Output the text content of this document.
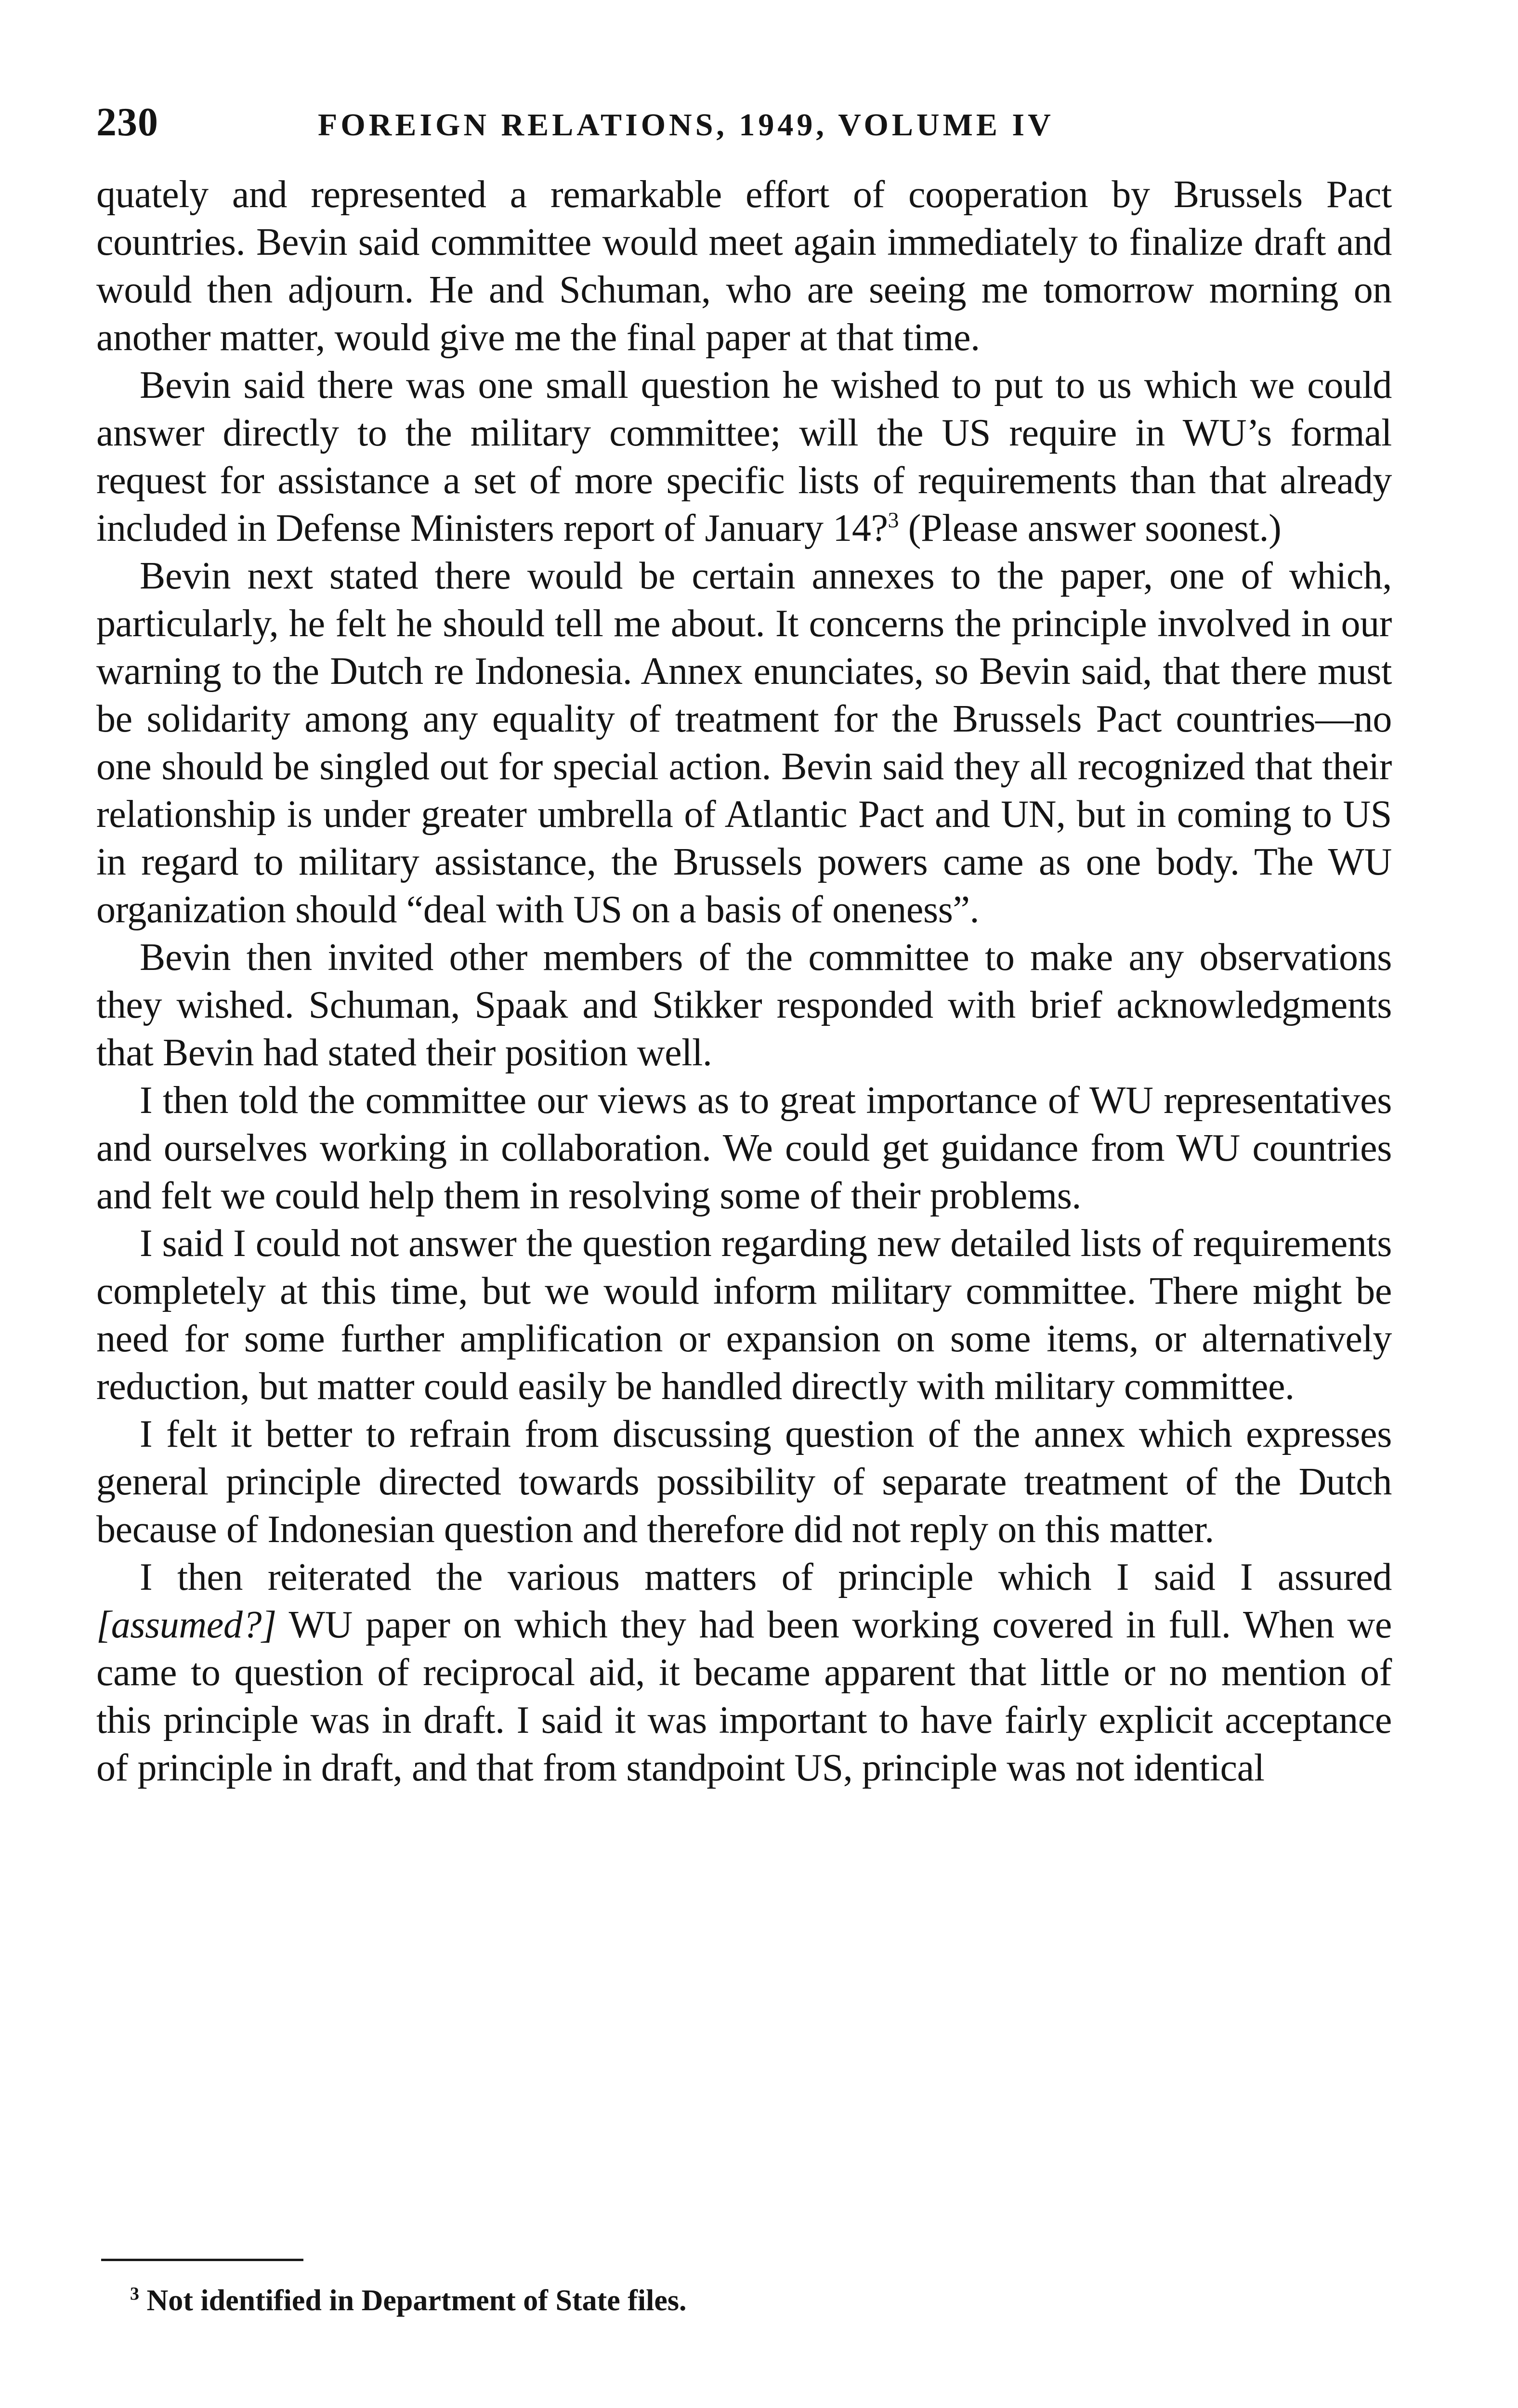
230	FOREIGN RELATIONS, 1949, VOLUME IV

quately and represented a remarkable effort of cooperation by Brussels Pact countries. Bevin said committee would meet again immediately to finalize draft and would then adjourn. He and Schuman, who are seeing me tomorrow morning on another matter, would give me the final paper at that time.

Bevin said there was one small question he wished to put to us which we could answer directly to the military committee; will the US require in WU’s formal request for assistance a set of more specific lists of requirements than that already included in Defense Ministers report of January 14?$^3$ (Please answer soonest.)

Bevin next stated there would be certain annexes to the paper, one of which, particularly, he felt he should tell me about. It concerns the principle involved in our warning to the Dutch re Indonesia. Annex enunciates, so Bevin said, that there must be solidarity among any equality of treatment for the Brussels Pact countries—no one should be singled out for special action. Bevin said they all recognized that their relationship is under greater umbrella of Atlantic Pact and UN, but in coming to US in regard to military assistance, the Brussels powers came as one body. The WU organization should “deal with US on a basis of oneness”.

Bevin then invited other members of the committee to make any observations they wished. Schuman, Spaak and Stikker responded with brief acknowledgments that Bevin had stated their position well.

I then told the committee our views as to great importance of WU representatives and ourselves working in collaboration. We could get guidance from WU countries and felt we could help them in resolving some of their problems.

I said I could not answer the question regarding new detailed lists of requirements completely at this time, but we would inform military committee. There might be need for some further amplification or expansion on some items, or alternatively reduction, but matter could easily be handled directly with military committee.

I felt it better to refrain from discussing question of the annex which expresses general principle directed towards possibility of separate treatment of the Dutch because of Indonesian question and therefore did not reply on this matter.

I then reiterated the various matters of principle which I said I assured [assumed?] WU paper on which they had been working covered in full. When we came to question of reciprocal aid, it became apparent that little or no mention of this principle was in draft. I said it was important to have fairly explicit acceptance of principle in draft, and that from standpoint US, principle was not identical

$^3$ Not identified in Department of State files.
